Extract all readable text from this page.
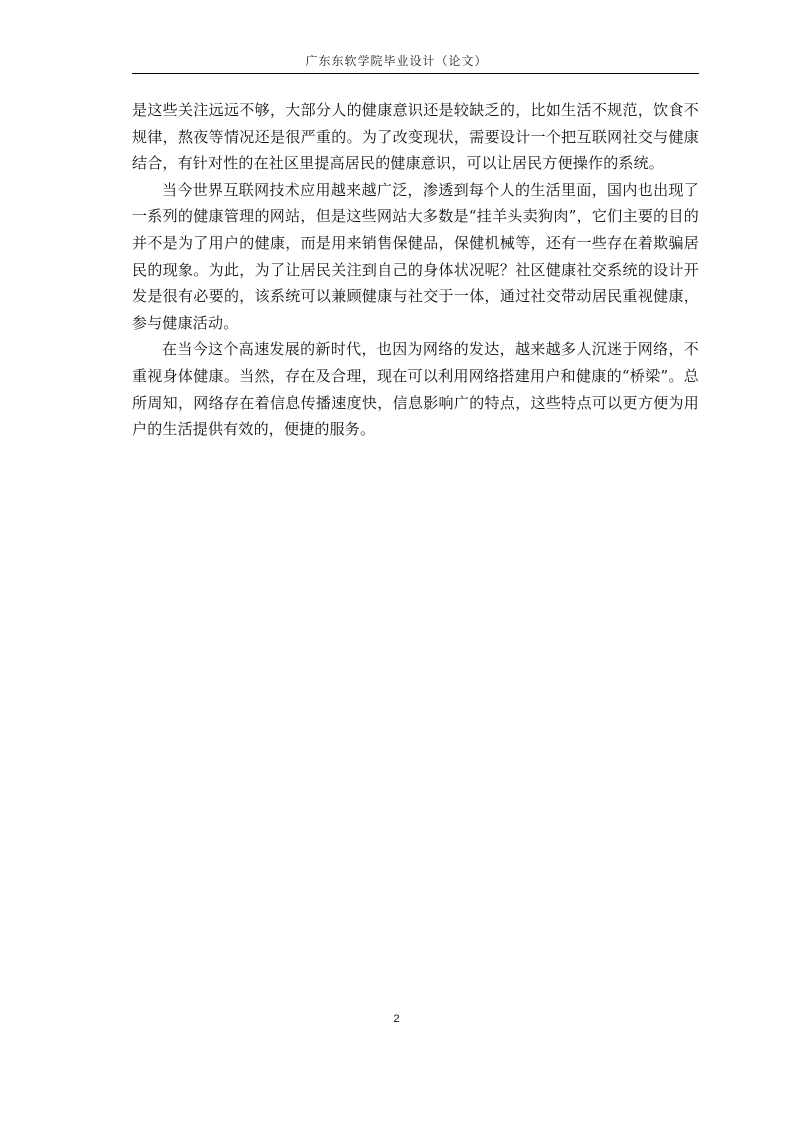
广东东软学院毕业设计（论文）

是这些关注远远不够，大部分人的健康意识还是较缺乏的，比如生活不规范，饮食不规律，熬夜等情况还是很严重的。为了改变现状，需要设计一个把互联网社交与健康结合，有针对性的在社区里提高居民的健康意识，可以让居民方便操作的系统。

当今世界互联网技术应用越来越广泛，渗透到每个人的生活里面，国内也出现了一系列的健康管理的网站，但是这些网站大多数是“挂羊头卖狗肉”，它们主要的目的并不是为了用户的健康，而是用来销售保健品，保健机械等，还有一些存在着欺骗居民的现象。为此，为了让居民关注到自己的身体状况呢？社区健康社交系统的设计开发是很有必要的，该系统可以兼顾健康与社交于一体，通过社交带动居民重视健康，参与健康活动。

在当今这个高速发展的新时代，也因为网络的发达，越来越多人沉迷于网络，不重视身体健康。当然，存在及合理，现在可以利用网络搭建用户和健康的“桥梁”。总所周知，网络存在着信息传播速度快，信息影响广的特点，这些特点可以更方便为用户的生活提供有效的，便捷的服务。

2
